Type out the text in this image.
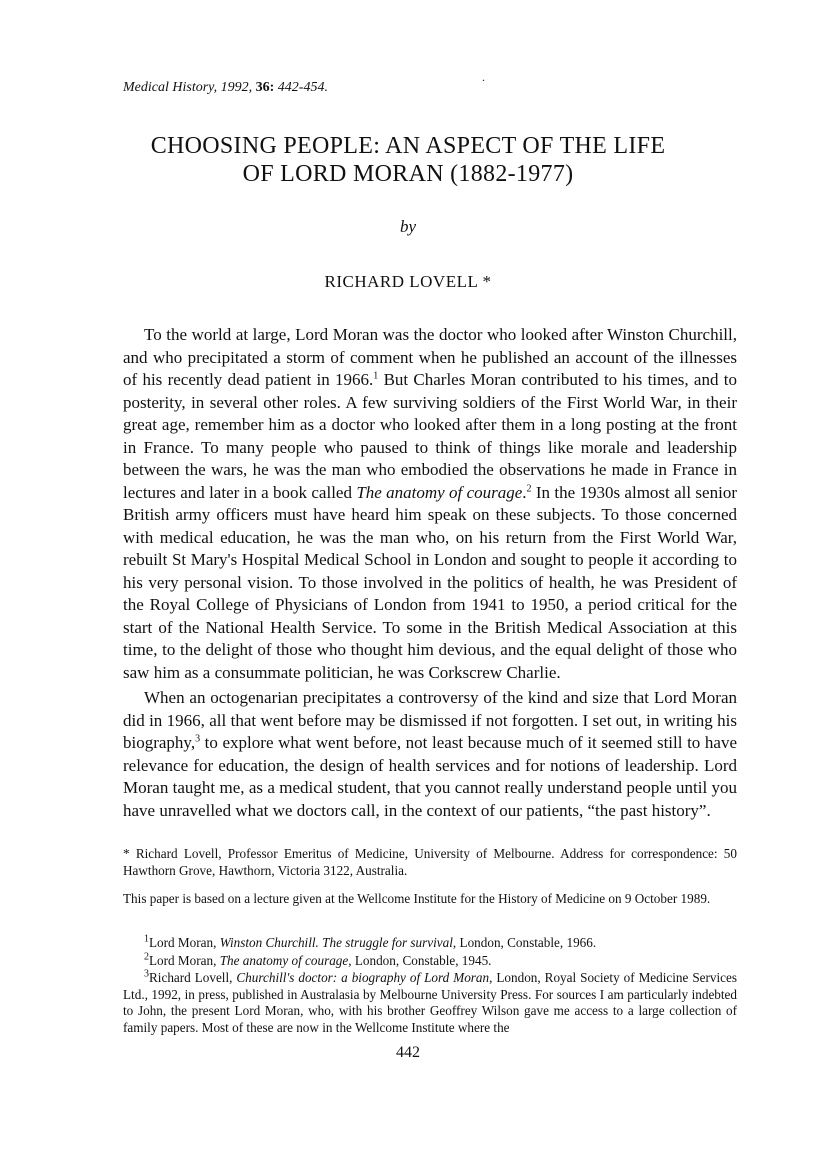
Medical History, 1992, 36: 442-454.
.
CHOOSING PEOPLE: AN ASPECT OF THE LIFE
OF LORD MORAN (1882-1977)
by
RICHARD LOVELL *

To the world at large, Lord Moran was the doctor who looked after Winston Churchill, and who precipitated a storm of comment when he published an account of the illnesses of his recently dead patient in 1966.$^1$ But Charles Moran contributed to his times, and to posterity, in several other roles. A few surviving soldiers of the First World War, in their great age, remember him as a doctor who looked after them in a long posting at the front in France. To many people who paused to think of things like morale and leadership between the wars, he was the man who embodied the observations he made in France in lectures and later in a book called The anatomy of courage.$^2$ In the 1930s almost all senior British army officers must have heard him speak on these subjects. To those concerned with medical education, he was the man who, on his return from the First World War, rebuilt St Mary's Hospital Medical School in London and sought to people it according to his very personal vision. To those involved in the politics of health, he was President of the Royal College of Physicians of London from 1941 to 1950, a period critical for the start of the National Health Service. To some in the British Medical Association at this time, to the delight of those who thought him devious, and the equal delight of those who saw him as a consummate politician, he was Corkscrew Charlie.

When an octogenarian precipitates a controversy of the kind and size that Lord Moran did in 1966, all that went before may be dismissed if not forgotten. I set out, in writing his biography,$^3$ to explore what went before, not least because much of it seemed still to have relevance for education, the design of health services and for notions of leadership. Lord Moran taught me, as a medical student, that you cannot really understand people until you have unravelled what we doctors call, in the context of our patients, “the past history”.

* Richard Lovell, Professor Emeritus of Medicine, University of Melbourne. Address for correspondence: 50 Hawthorn Grove, Hawthorn, Victoria 3122, Australia.
This paper is based on a lecture given at the Wellcome Institute for the History of Medicine on 9 October 1989.

$^1$Lord Moran, Winston Churchill. The struggle for survival, London, Constable, 1966.

$^2$Lord Moran, The anatomy of courage, London, Constable, 1945.

$^3$Richard Lovell, Churchill's doctor: a biography of Lord Moran, London, Royal Society of Medicine Services Ltd., 1992, in press, published in Australasia by Melbourne University Press. For sources I am particularly indebted to John, the present Lord Moran, who, with his brother Geoffrey Wilson gave me access to a large collection of family papers. Most of these are now in the Wellcome Institute where the

442
